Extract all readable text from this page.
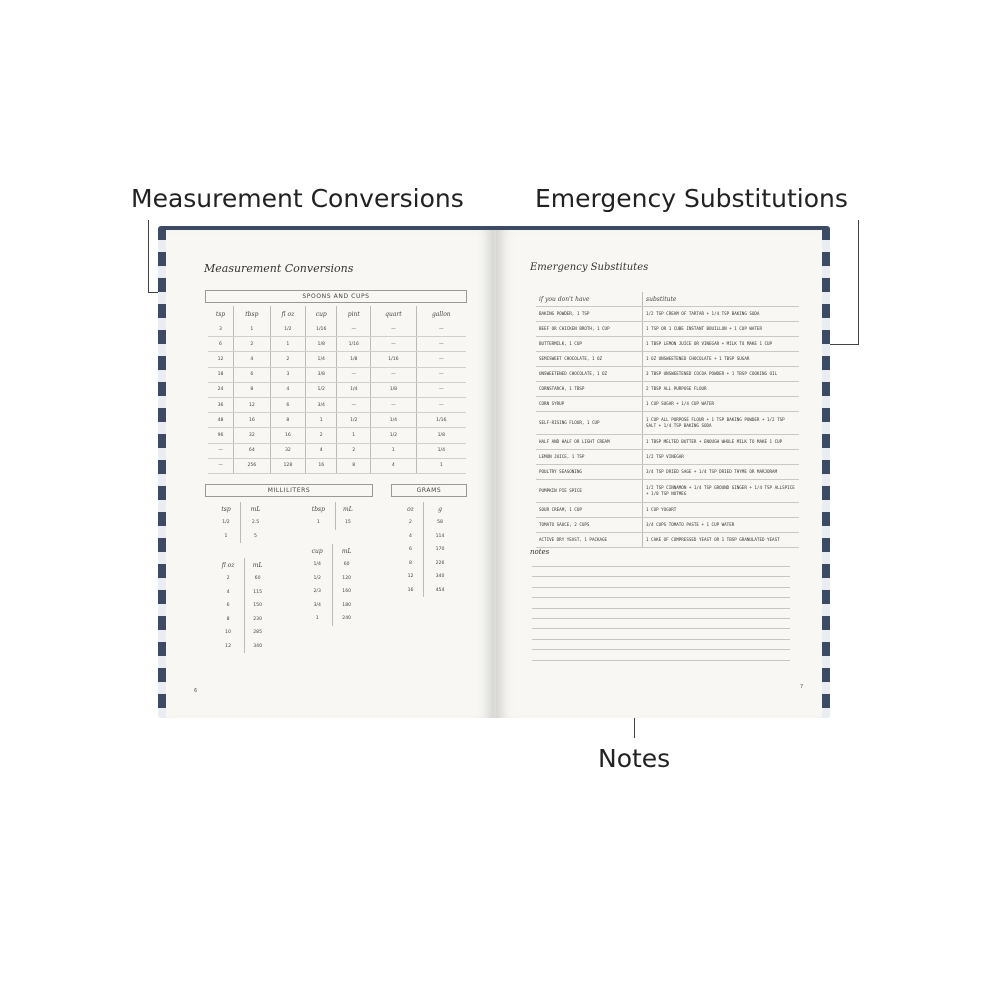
Measurement Conversions	Emergency Substitutions
Notes
Measurement Conversions
SPOONS AND CUPS
tsp	tbsp	fl oz	cup	pint	quart	gallon
3	1	1/2	1/16	—	—	—
6	2	1	1/8	1/16	—	—
12	4	2	1/4	1/8	1/16	—
18	6	3	3/8	—	—	—
24	8	4	1/2	1/4	1/8	—
36	12	6	3/4	—	—	—
48	16	8	1	1/2	1/4	1/16
96	32	16	2	1	1/2	1/8
—	64	32	4	2	1	1/4
—	256	128	16	8	4	1
MILLILITERS	GRAMS
tsp	mL
1/2	2.5
1	5
tbsp	mL
1	15
fl oz	mL
2	60
4	115
6	150
8	230
10	285
12	340
cup	mL
1/4	60
1/2	120
2/3	160
3/4	180
1	240
oz	g
2	58
4	114
6	170
8	226
12	340
16	454
6
Emergency Substitutes
if you don't have	substitute
BAKING POWDER, 1 TSP	1/2 TSP CREAM OF TARTAR + 1/4 TSP BAKING SODA
BEEF OR CHICKEN BROTH, 1 CUP	1 TSP OR 1 CUBE INSTANT BOUILLON + 1 CUP WATER
BUTTERMILK, 1 CUP	1 TBSP LEMON JUICE OR VINEGAR + MILK TO MAKE 1 CUP
SEMISWEET CHOCOLATE, 1 OZ	1 OZ UNSWEETENED CHOCOLATE + 1 TBSP SUGAR
UNSWEETENED CHOCOLATE, 1 OZ	3 TBSP UNSWEETENED COCOA POWDER + 1 TBSP COOKING OIL
CORNSTARCH, 1 TBSP	2 TBSP ALL PURPOSE FLOUR
CORN SYRUP	1 CUP SUGAR + 1/4 CUP WATER
SELF-RISING FLOUR, 1 CUP	1 CUP ALL PURPOSE FLOUR + 1 TSP BAKING POWDER + 1/2 TSP SALT + 1/4 TSP BAKING SODA
HALF AND HALF OR LIGHT CREAM	1 TBSP MELTED BUTTER + ENOUGH WHOLE MILK TO MAKE 1 CUP
LEMON JUICE, 1 TSP	1/2 TSP VINEGAR
POULTRY SEASONING	3/4 TSP DRIED SAGE + 1/4 TSP DRIED THYME OR MARJORAM
PUMPKIN PIE SPICE	1/2 TSP CINNAMON + 1/4 TSP GROUND GINGER + 1/4 TSP ALLSPICE + 1/8 TSP NUTMEG
SOUR CREAM, 1 CUP	1 CUP YOGURT
TOMATO SAUCE, 2 CUPS	3/4 CUPS TOMATO PASTE + 1 CUP WATER
ACTIVE DRY YEAST, 1 PACKAGE	1 CAKE OF COMPRESSED YEAST OR 1 TBSP GRANULATED YEAST
notes
7
